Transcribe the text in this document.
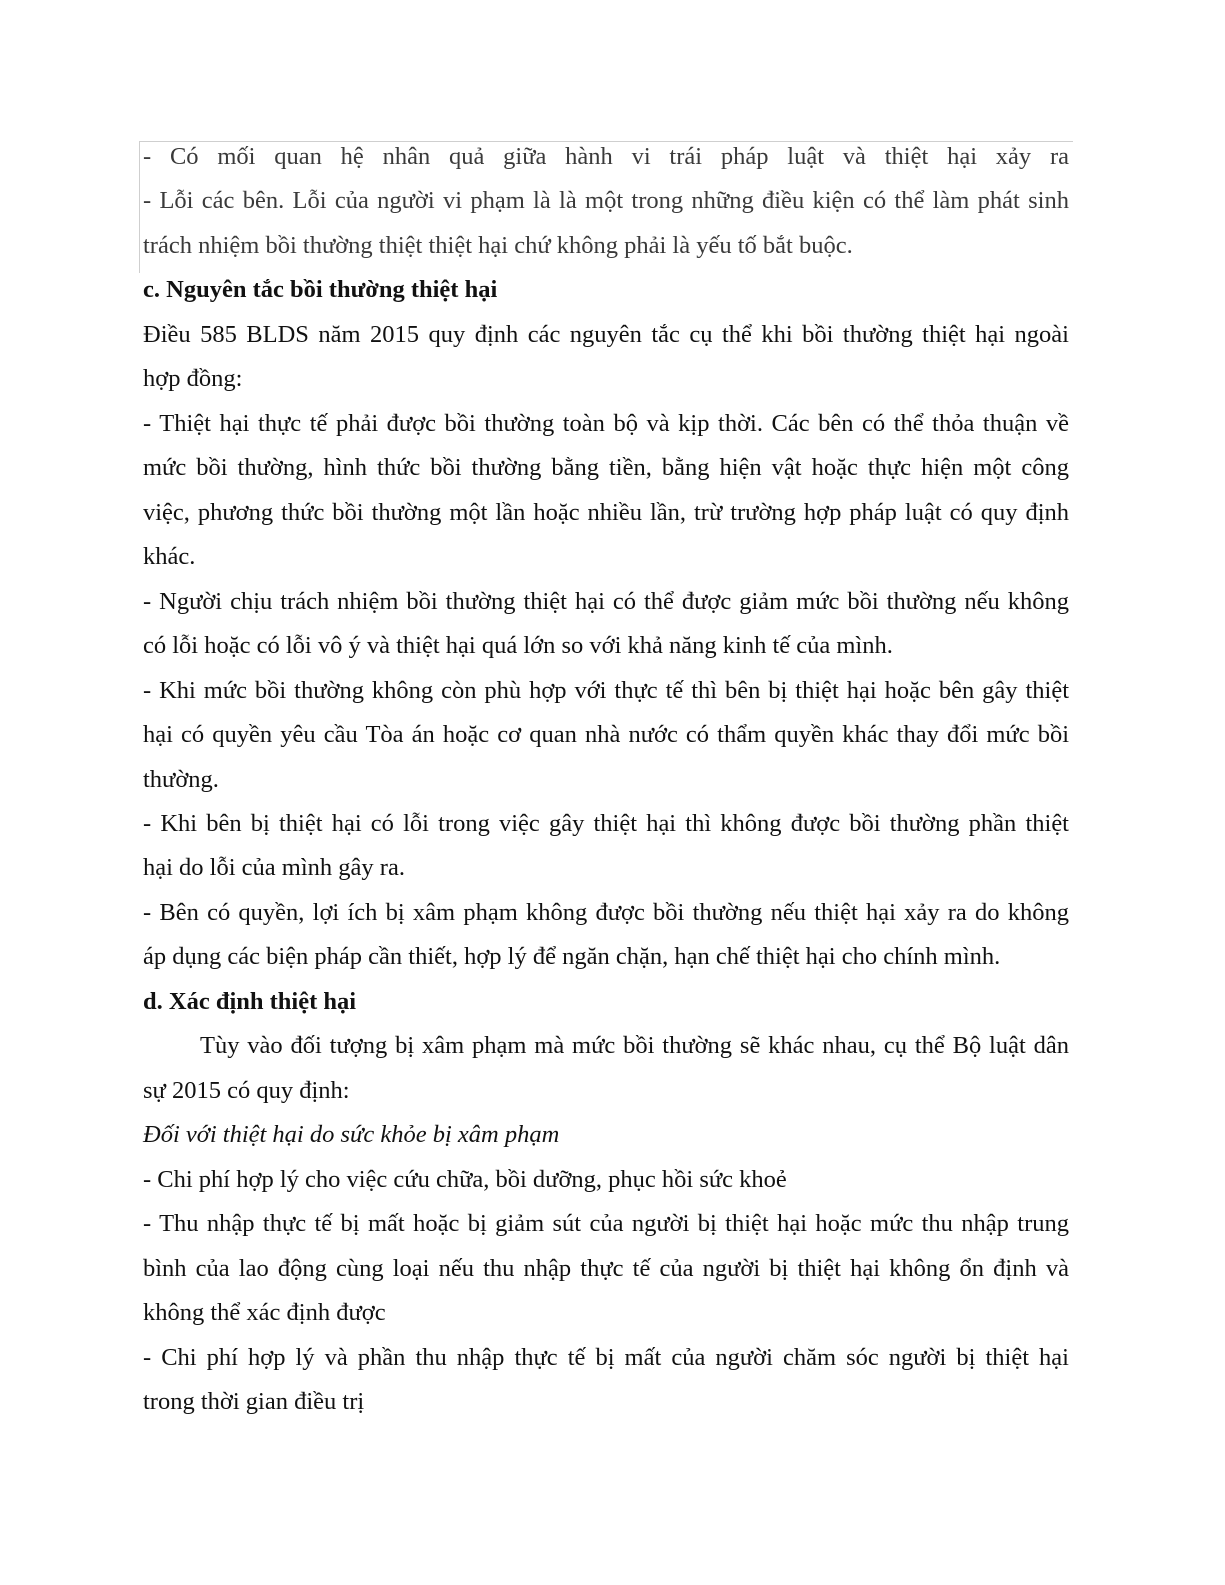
- Có mối quan hệ nhân quả giữa hành vi trái pháp luật và thiệt hại xảy ra
- Lỗi các bên. Lỗi của người vi phạm là là một trong những điều kiện có thể làm phát sinh
trách nhiệm bồi thường thiệt thiệt hại chứ không phải là yếu tố bắt buộc.
c. Nguyên tắc bồi thường thiệt hại
Điều 585 BLDS năm 2015 quy định các nguyên tắc cụ thể khi bồi thường thiệt hại ngoài
hợp đồng:
- Thiệt hại thực tế phải được bồi thường toàn bộ và kịp thời. Các bên có thể thỏa thuận về
mức bồi thường, hình thức bồi thường bằng tiền, bằng hiện vật hoặc thực hiện một công
việc, phương thức bồi thường một lần hoặc nhiều lần, trừ trường hợp pháp luật có quy định
khác.
- Người chịu trách nhiệm bồi thường thiệt hại có thể được giảm mức bồi thường nếu không
có lỗi hoặc có lỗi vô ý và thiệt hại quá lớn so với khả năng kinh tế của mình.
- Khi mức bồi thường không còn phù hợp với thực tế thì bên bị thiệt hại hoặc bên gây thiệt
hại có quyền yêu cầu Tòa án hoặc cơ quan nhà nước có thẩm quyền khác thay đổi mức bồi
thường.
- Khi bên bị thiệt hại có lỗi trong việc gây thiệt hại thì không được bồi thường phần thiệt
hại do lỗi của mình gây ra.
- Bên có quyền, lợi ích bị xâm phạm không được bồi thường nếu thiệt hại xảy ra do không
áp dụng các biện pháp cần thiết, hợp lý để ngăn chặn, hạn chế thiệt hại cho chính mình.
d. Xác định thiệt hại
Tùy vào đối tượng bị xâm phạm mà mức bồi thường sẽ khác nhau, cụ thể Bộ luật dân
sự 2015 có quy định:
Đối với thiệt hại do sức khỏe bị xâm phạm
- Chi phí hợp lý cho việc cứu chữa, bồi dưỡng, phục hồi sức khoẻ
- Thu nhập thực tế bị mất hoặc bị giảm sút của người bị thiệt hại hoặc mức thu nhập trung
bình của lao động cùng loại nếu thu nhập thực tế của người bị thiệt hại không ổn định và
không thể xác định được
- Chi phí hợp lý và phần thu nhập thực tế bị mất của người chăm sóc người bị thiệt hại
trong thời gian điều trị
